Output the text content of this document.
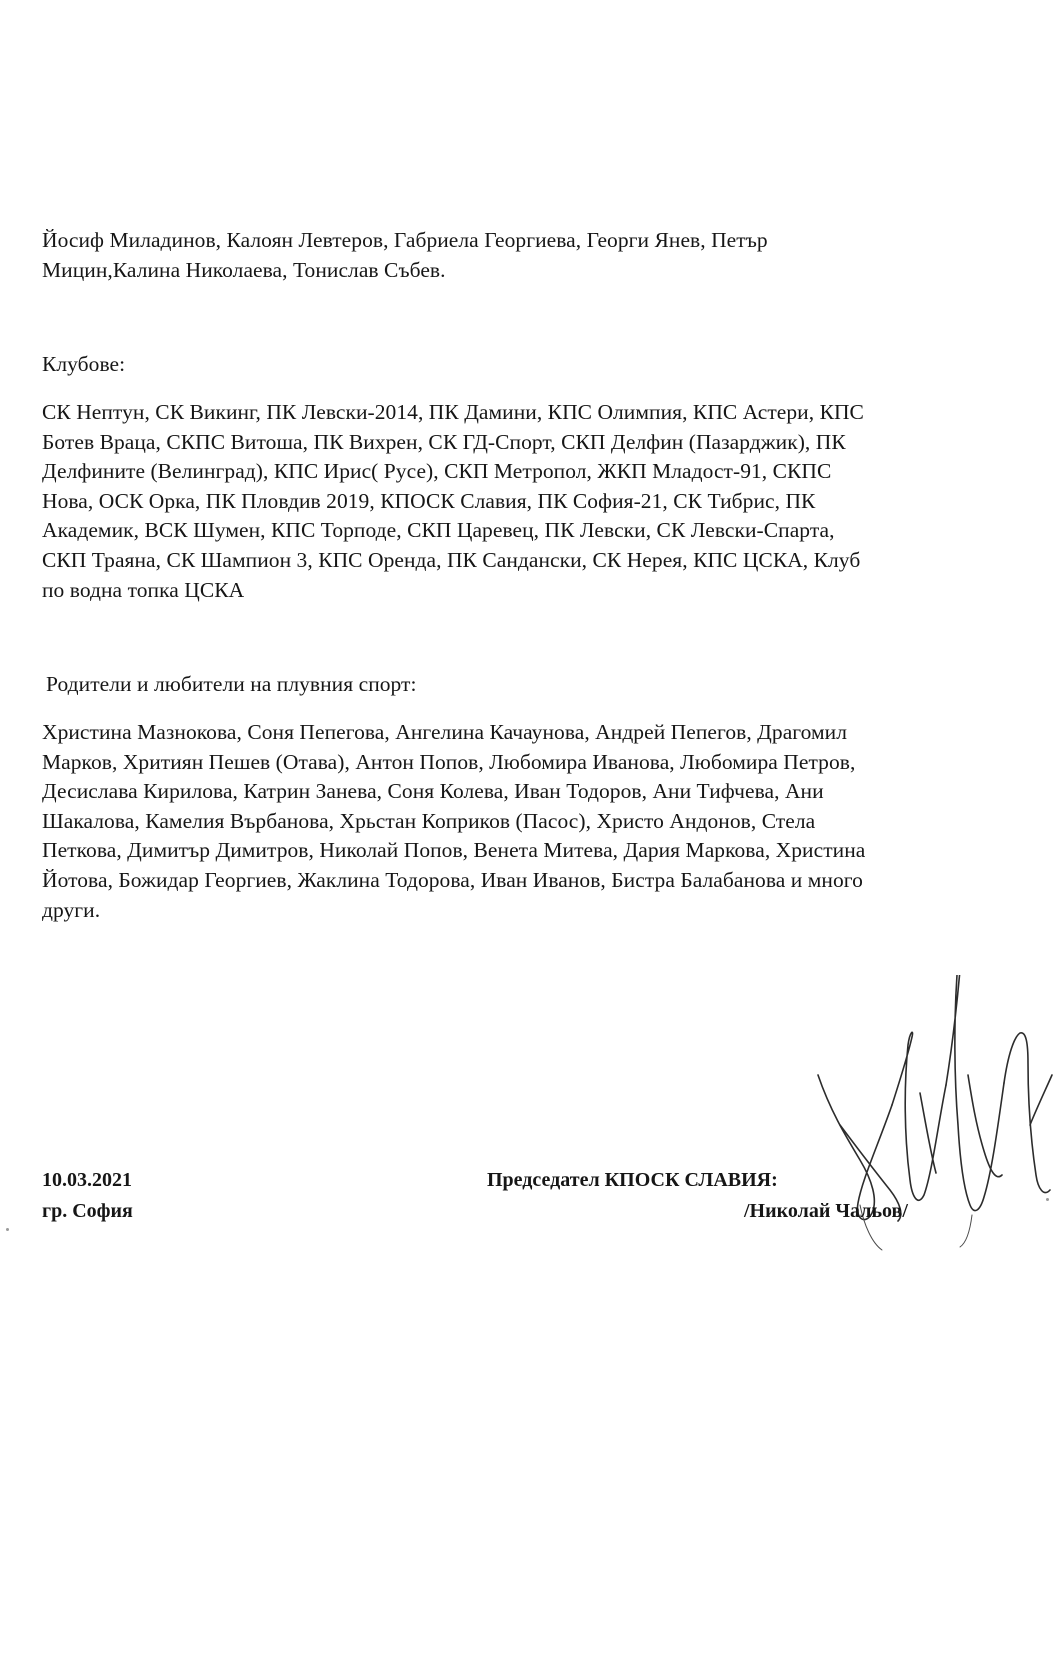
Йосиф Миладинов, Калоян Левтеров, Габриела Георгиева, Георги Янев, Петър
Мицин,Калина Николаева, Тонислав Събев.
Клубове:
СК Нептун, СК Викинг, ПК Левски-2014, ПК Дамини, КПС Олимпия, КПС Астери, КПС
Ботев Враца, СКПС Витоша, ПК Вихрен, СК ГД-Спорт, СКП Делфин (Пазарджик), ПК
Делфините (Велинград), КПС Ирис( Русе), СКП Метропол, ЖКП Младост-91, СКПС
Нова, ОСК Орка, ПК Пловдив 2019, КПОСК Славия, ПК София-21, СК Тибрис, ПК
Академик, ВСК Шумен, КПС Торподе, СКП Царевец, ПК Левски, СК Левски-Спарта,
СКП Траяна, СК Шампион 3, КПС Оренда, ПК Сандански, СК Нерея, КПС ЦСКА, Клуб
по водна топка ЦСКА
Родители и любители на плувния спорт:
Христина Мазнокова, Соня Пепегова, Ангелина Качаунова, Андрей Пепегов, Драгомил
Марков, Хритиян Пешев (Отава), Антон Попов, Любомира Иванова, Любомира Петров,
Десислава Кирилова, Катрин Занева, Соня Колева, Иван Тодоров, Ани Тифчева, Ани
Шакалова, Камелия Върбанова, Хрьстан Коприков (Пасос), Христо Андонов, Стела
Петкова, Димитър Димитров, Николай Попов, Венета Митева, Дария Маркова, Христина
Йотова, Божидар Георгиев, Жаклина Тодорова, Иван Иванов, Бистра Балабанова и много
други.
10.03.2021
гр. София
Председател КПОСК СЛАВИЯ:
/Николай Чальов/
